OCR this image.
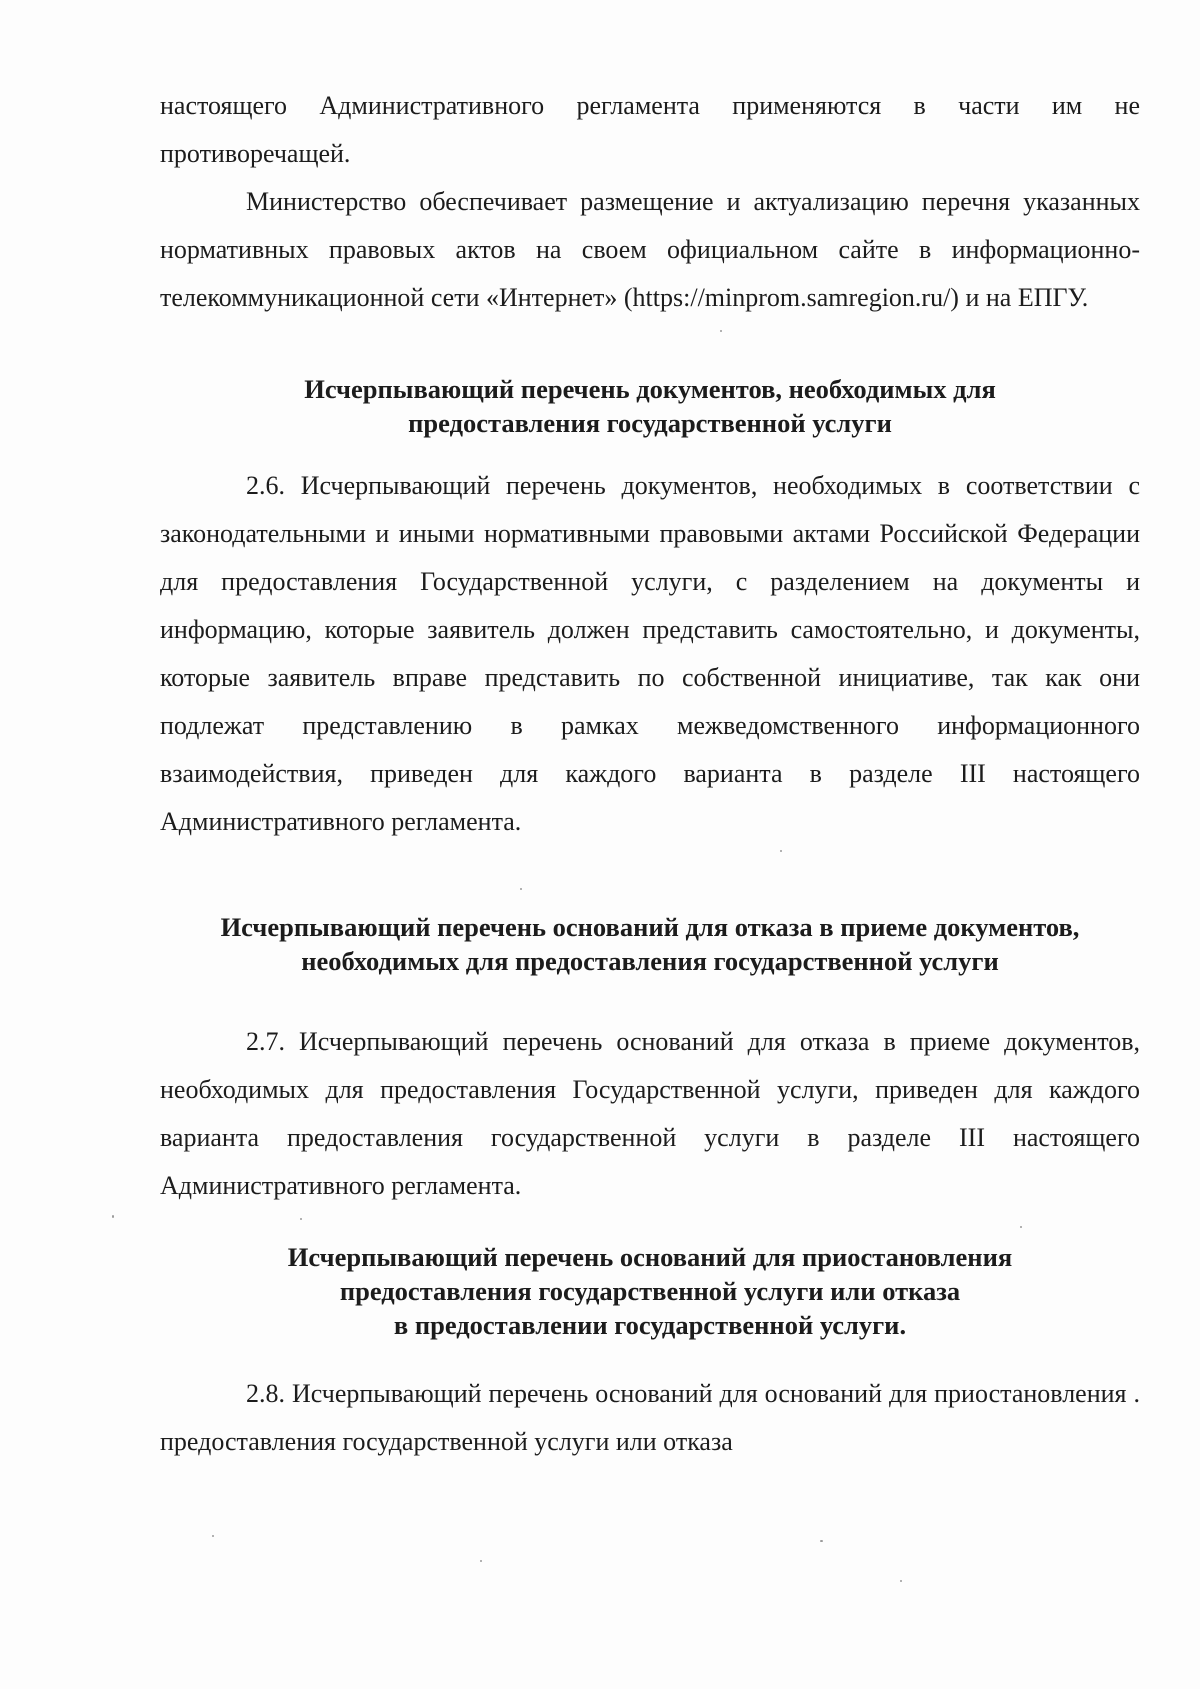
настоящего Административного регламента применяются в части им не противоречащей.

Министерство обеспечивает размещение и актуализацию перечня указанных нормативных правовых актов на своем официальном сайте в информационно-телекоммуникационной сети «Интернет» (https://minprom.samregion.ru/) и на ЕПГУ.

Исчерпывающий перечень документов, необходимых для
предоставления государственной услуги

2.6. Исчерпывающий перечень документов, необходимых в соответствии с законодательными и иными нормативными правовыми актами Российской Федерации для предоставления Государственной услуги, с разделением на документы и информацию, которые заявитель должен представить самостоятельно, и документы, которые заявитель вправе представить по собственной инициативе, так как они подлежат представлению в рамках межведомственного информационного взаимодействия, приведен для каждого варианта в разделе III настоящего Административного регламента.

Исчерпывающий перечень оснований для отказа в приеме документов,
необходимых для предоставления государственной услуги

2.7. Исчерпывающий перечень оснований для отказа в приеме документов, необходимых для предоставления Государственной услуги, приведен для каждого варианта предоставления государственной услуги в разделе III настоящего Административного регламента.

Исчерпывающий перечень оснований для приостановления
предоставления государственной услуги или отказа
в предоставлении государственной услуги.

2.8. Исчерпывающий перечень оснований для оснований для приостановления . предоставления государственной услуги или отказа
